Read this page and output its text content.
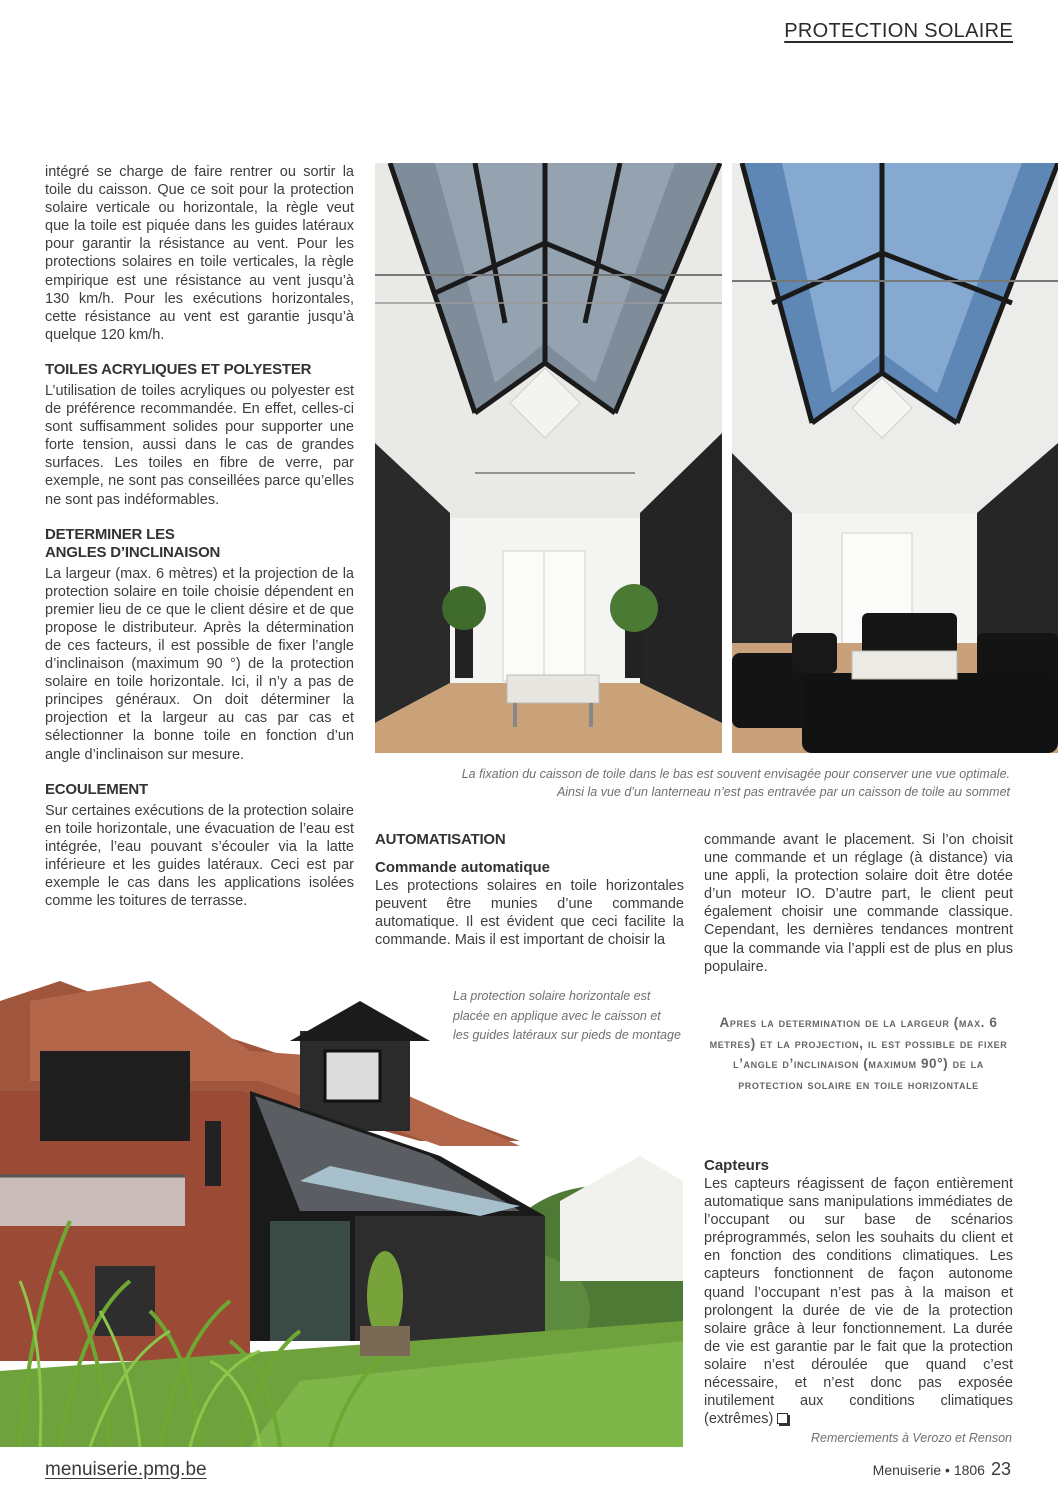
PROTECTION SOLAIRE

intégré se charge de faire rentrer ou sortir la toile du caisson. Que ce soit pour la protection solaire verticale ou horizontale, la règle veut que la toile est piquée dans les guides latéraux pour garantir la résistance au vent. Pour les protections solaires en toile verticales, la règle empirique est une résistance au vent jusqu’à 130 km/h. Pour les exécutions horizontales, cette résistance au vent est garantie jusqu’à quelque 120 km/h.

TOILES ACRYLIQUES ET POLYESTER

L’utilisation de toiles acryliques ou polyester est de préférence recommandée. En effet, celles-ci sont suffisamment solides pour supporter une forte tension, aussi dans le cas de grandes surfaces. Les toiles en fibre de verre, par exemple, ne sont pas conseillées parce qu’elles ne sont pas indéformables.

DETERMINER LES
ANGLES D’INCLINAISON

La largeur (max. 6 mètres) et la projection de la protection solaire en toile choisie dépendent en premier lieu de ce que le client désire et de que propose le distributeur. Après la détermination de ces facteurs, il est possible de fixer l’angle d’inclinaison (maximum 90 °) de la protection solaire en toile horizontale. Ici, il n’y a pas de principes généraux. On doit déterminer la projection et la largeur au cas par cas et sélectionner la bonne toile en fonction d’un angle d’inclinaison sur mesure.

ECOULEMENT

Sur certaines exécutions de la protection solaire en toile horizontale, une évacuation de l’eau est intégrée, l’eau pouvant s’écouler via la latte inférieure et les guides latéraux. Ceci est par exemple le cas dans les applications isolées comme les toitures de terrasse.

La fixation du caisson de toile dans le bas est souvent envisagée pour conserver une vue optimale.
Ainsi la vue d’un lanterneau n’est pas entravée par un caisson de toile au sommet
AUTOMATISATION
Commande automatique

Les protections solaires en toile horizontales peuvent être munies d’une commande automatique. Il est évident que ceci facilite la commande. Mais il est important de choisir la

commande avant le placement. Si l’on choisit une commande et un réglage (à distance) via une appli, la protection solaire doit être dotée d’un moteur IO. D’autre part, le client peut également choisir une commande classique. Cependant, les dernières tendances montrent que la commande via l’appli est de plus en plus populaire.

La protection solaire horizontale est
placée en applique avec le caisson et
les guides latéraux sur pieds de montage
Apres la determination de la largeur (max. 6 metres) et la projection, il est possible de fixer l’angle d’inclinaison (maximum 90°) de la protection solaire en toile horizontale
Capteurs

Les capteurs réagissent de façon entièrement automatique sans manipulations immédiates de l’occupant ou sur base de scénarios préprogrammés, selon les souhaits du client et en fonction des conditions climatiques. Les capteurs fonctionnent de façon autonome quand l’occupant n’est pas à la maison et prolongent la durée de vie de la protection solaire grâce à leur fonctionnement. La durée de vie est garantie par le fait que la protection solaire n’est déroulée que quand c’est nécessaire, et n’est donc pas exposée inutilement aux conditions climatiques (extrêmes)

Remerciements à Verozo et Renson
menuiserie.pmg.be	Menuiserie • 1806 23
